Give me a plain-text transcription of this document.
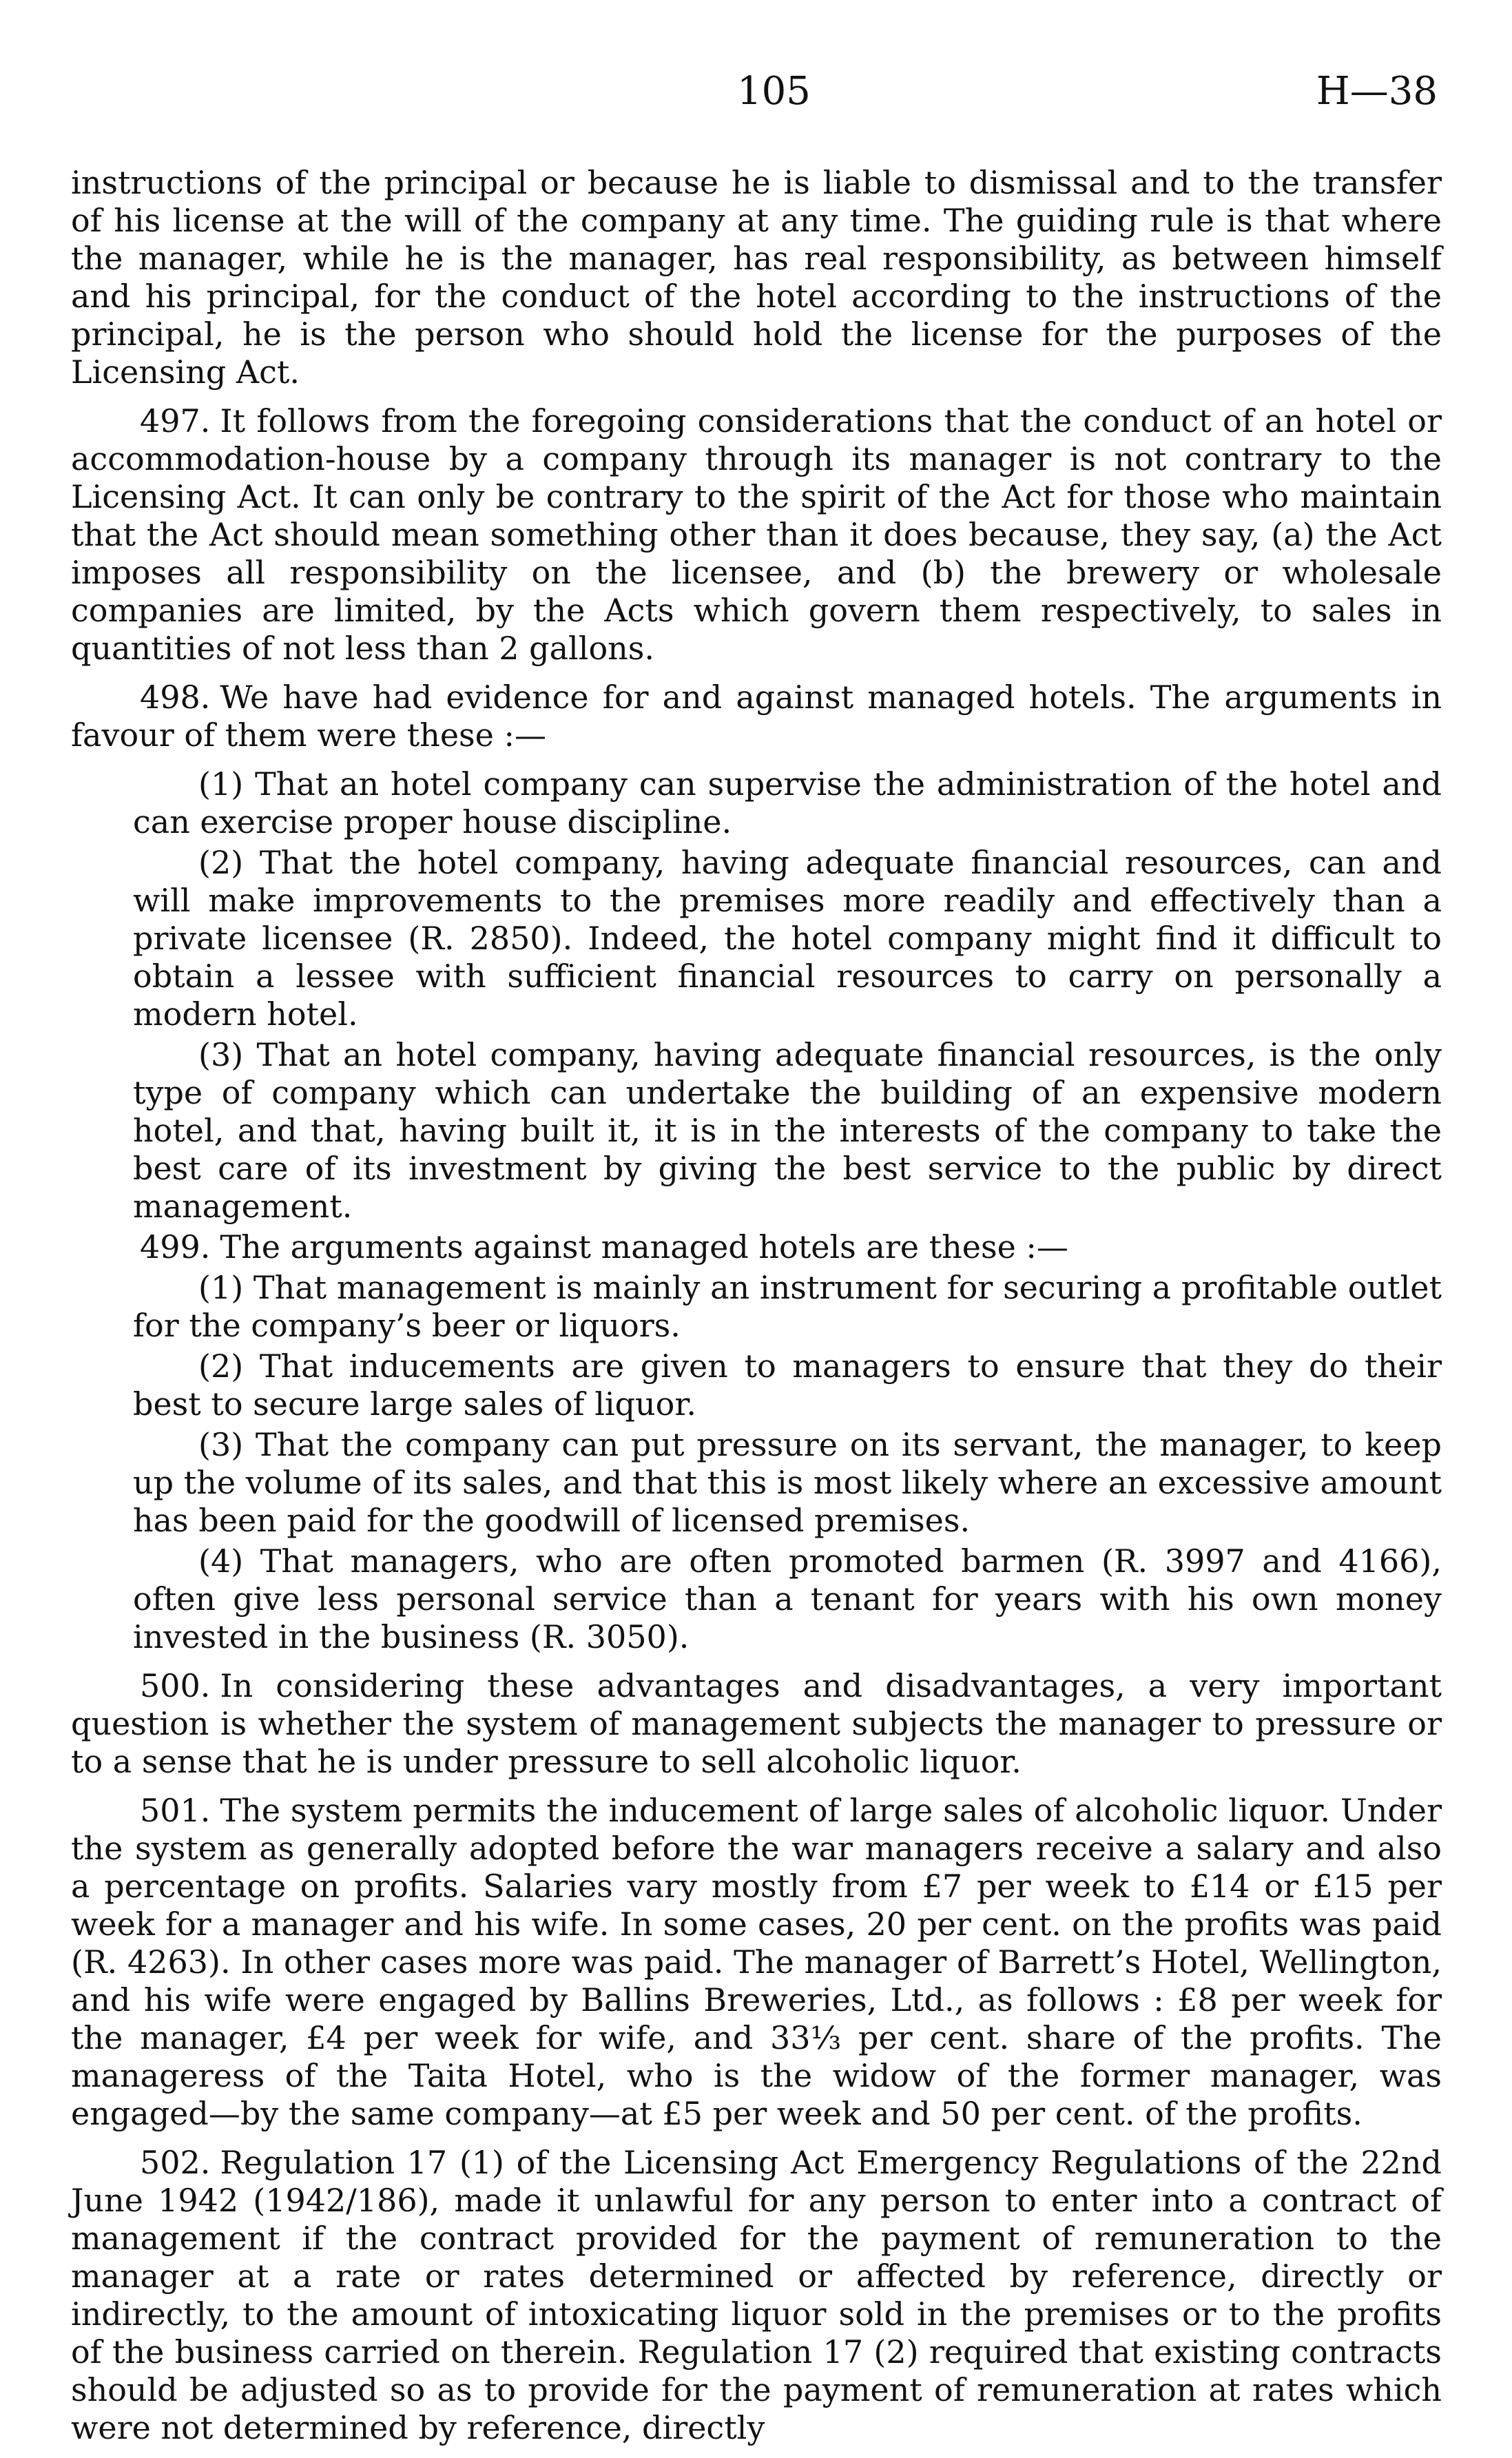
105	H—38

instructions of the principal or because he is liable to dismissal and to the transfer of his license at the will of the company at any time. The guiding rule is that where the manager, while he is the manager, has real responsibility, as between himself and his principal, for the conduct of the hotel according to the instructions of the principal, he is the person who should hold the license for the purposes of the Licensing Act.

497. It follows from the foregoing considerations that the conduct of an hotel or accommodation-house by a company through its manager is not contrary to the Licensing Act. It can only be contrary to the spirit of the Act for those who maintain that the Act should mean something other than it does because, they say, (a) the Act imposes all responsibility on the licensee, and (b) the brewery or wholesale companies are limited, by the Acts which govern them respectively, to sales in quantities of not less than 2 gallons.

498. We have had evidence for and against managed hotels. The arguments in favour of them were these :—

(1) That an hotel company can supervise the administration of the hotel and can exercise proper house discipline.

(2) That the hotel company, having adequate financial resources, can and will make improvements to the premises more readily and effectively than a private licensee (R. 2850). Indeed, the hotel company might find it difficult to obtain a lessee with sufficient financial resources to carry on personally a modern hotel.

(3) That an hotel company, having adequate financial resources, is the only type of company which can undertake the building of an expensive modern hotel, and that, having built it, it is in the interests of the company to take the best care of its investment by giving the best service to the public by direct management.

499. The arguments against managed hotels are these :—

(1) That management is mainly an instrument for securing a profitable outlet for the company’s beer or liquors.

(2) That inducements are given to managers to ensure that they do their best to secure large sales of liquor.

(3) That the company can put pressure on its servant, the manager, to keep up the volume of its sales, and that this is most likely where an excessive amount has been paid for the goodwill of licensed premises.

(4) That managers, who are often promoted barmen (R. 3997 and 4166), often give less personal service than a tenant for years with his own money invested in the business (R. 3050).

500. In considering these advantages and disadvantages, a very important question is whether the system of management subjects the manager to pressure or to a sense that he is under pressure to sell alcoholic liquor.

501. The system permits the inducement of large sales of alcoholic liquor. Under the system as generally adopted before the war managers receive a salary and also a percentage on profits. Salaries vary mostly from £7 per week to £14 or £15 per week for a manager and his wife. In some cases, 20 per cent. on the profits was paid (R. 4263). In other cases more was paid. The manager of Barrett’s Hotel, Wellington, and his wife were engaged by Ballins Breweries, Ltd., as follows : £8 per week for the manager, £4 per week for wife, and 33⅓ per cent. share of the profits. The manageress of the Taita Hotel, who is the widow of the former manager, was engaged—by the same company—at £5 per week and 50 per cent. of the profits.

502. Regulation 17 (1) of the Licensing Act Emergency Regulations of the 22nd June 1942 (1942/186), made it unlawful for any person to enter into a contract of management if the contract provided for the payment of remuneration to the manager at a rate or rates determined or affected by reference, directly or indirectly, to the amount of intoxicating liquor sold in the premises or to the profits of the business carried on therein. Regulation 17 (2) required that existing contracts should be adjusted so as to provide for the payment of remuneration at rates which were not determined by reference, directly
